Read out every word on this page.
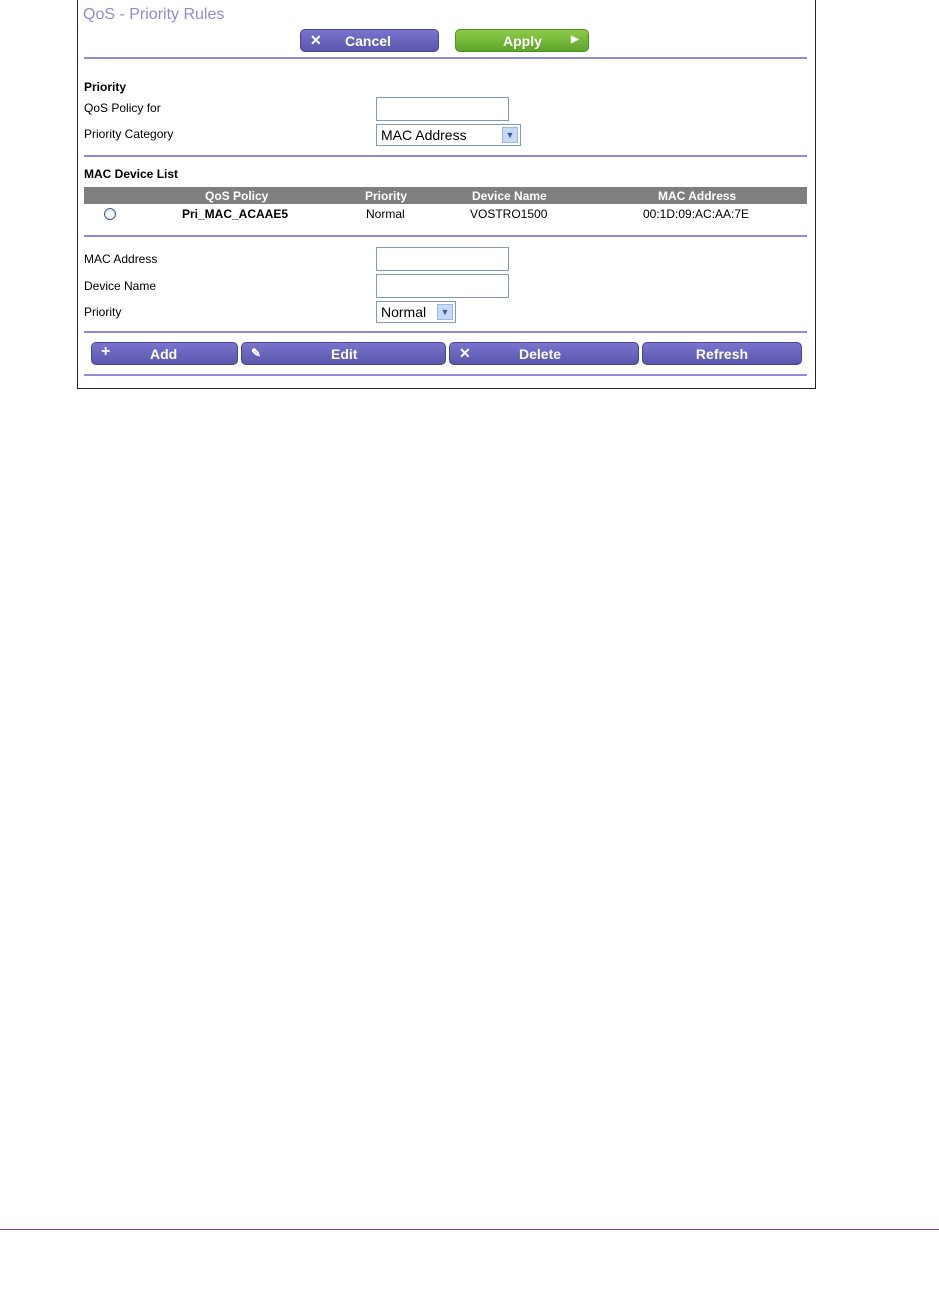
QoS - Priority Rules
✕ Cancel	Apply	▶
Priority
QoS Policy for
Priority Category	MAC Address	▼
MAC Device List
QoS Policy	Priority	Device Name	MAC Address
Pri_MAC_ACAAE5	Normal	VOSTRO1500	00:1D:09:AC:AA:7E
MAC Address
Device Name
Priority	Normal	▼
+	Add	✎	Edit	✕	Delete	Refresh
